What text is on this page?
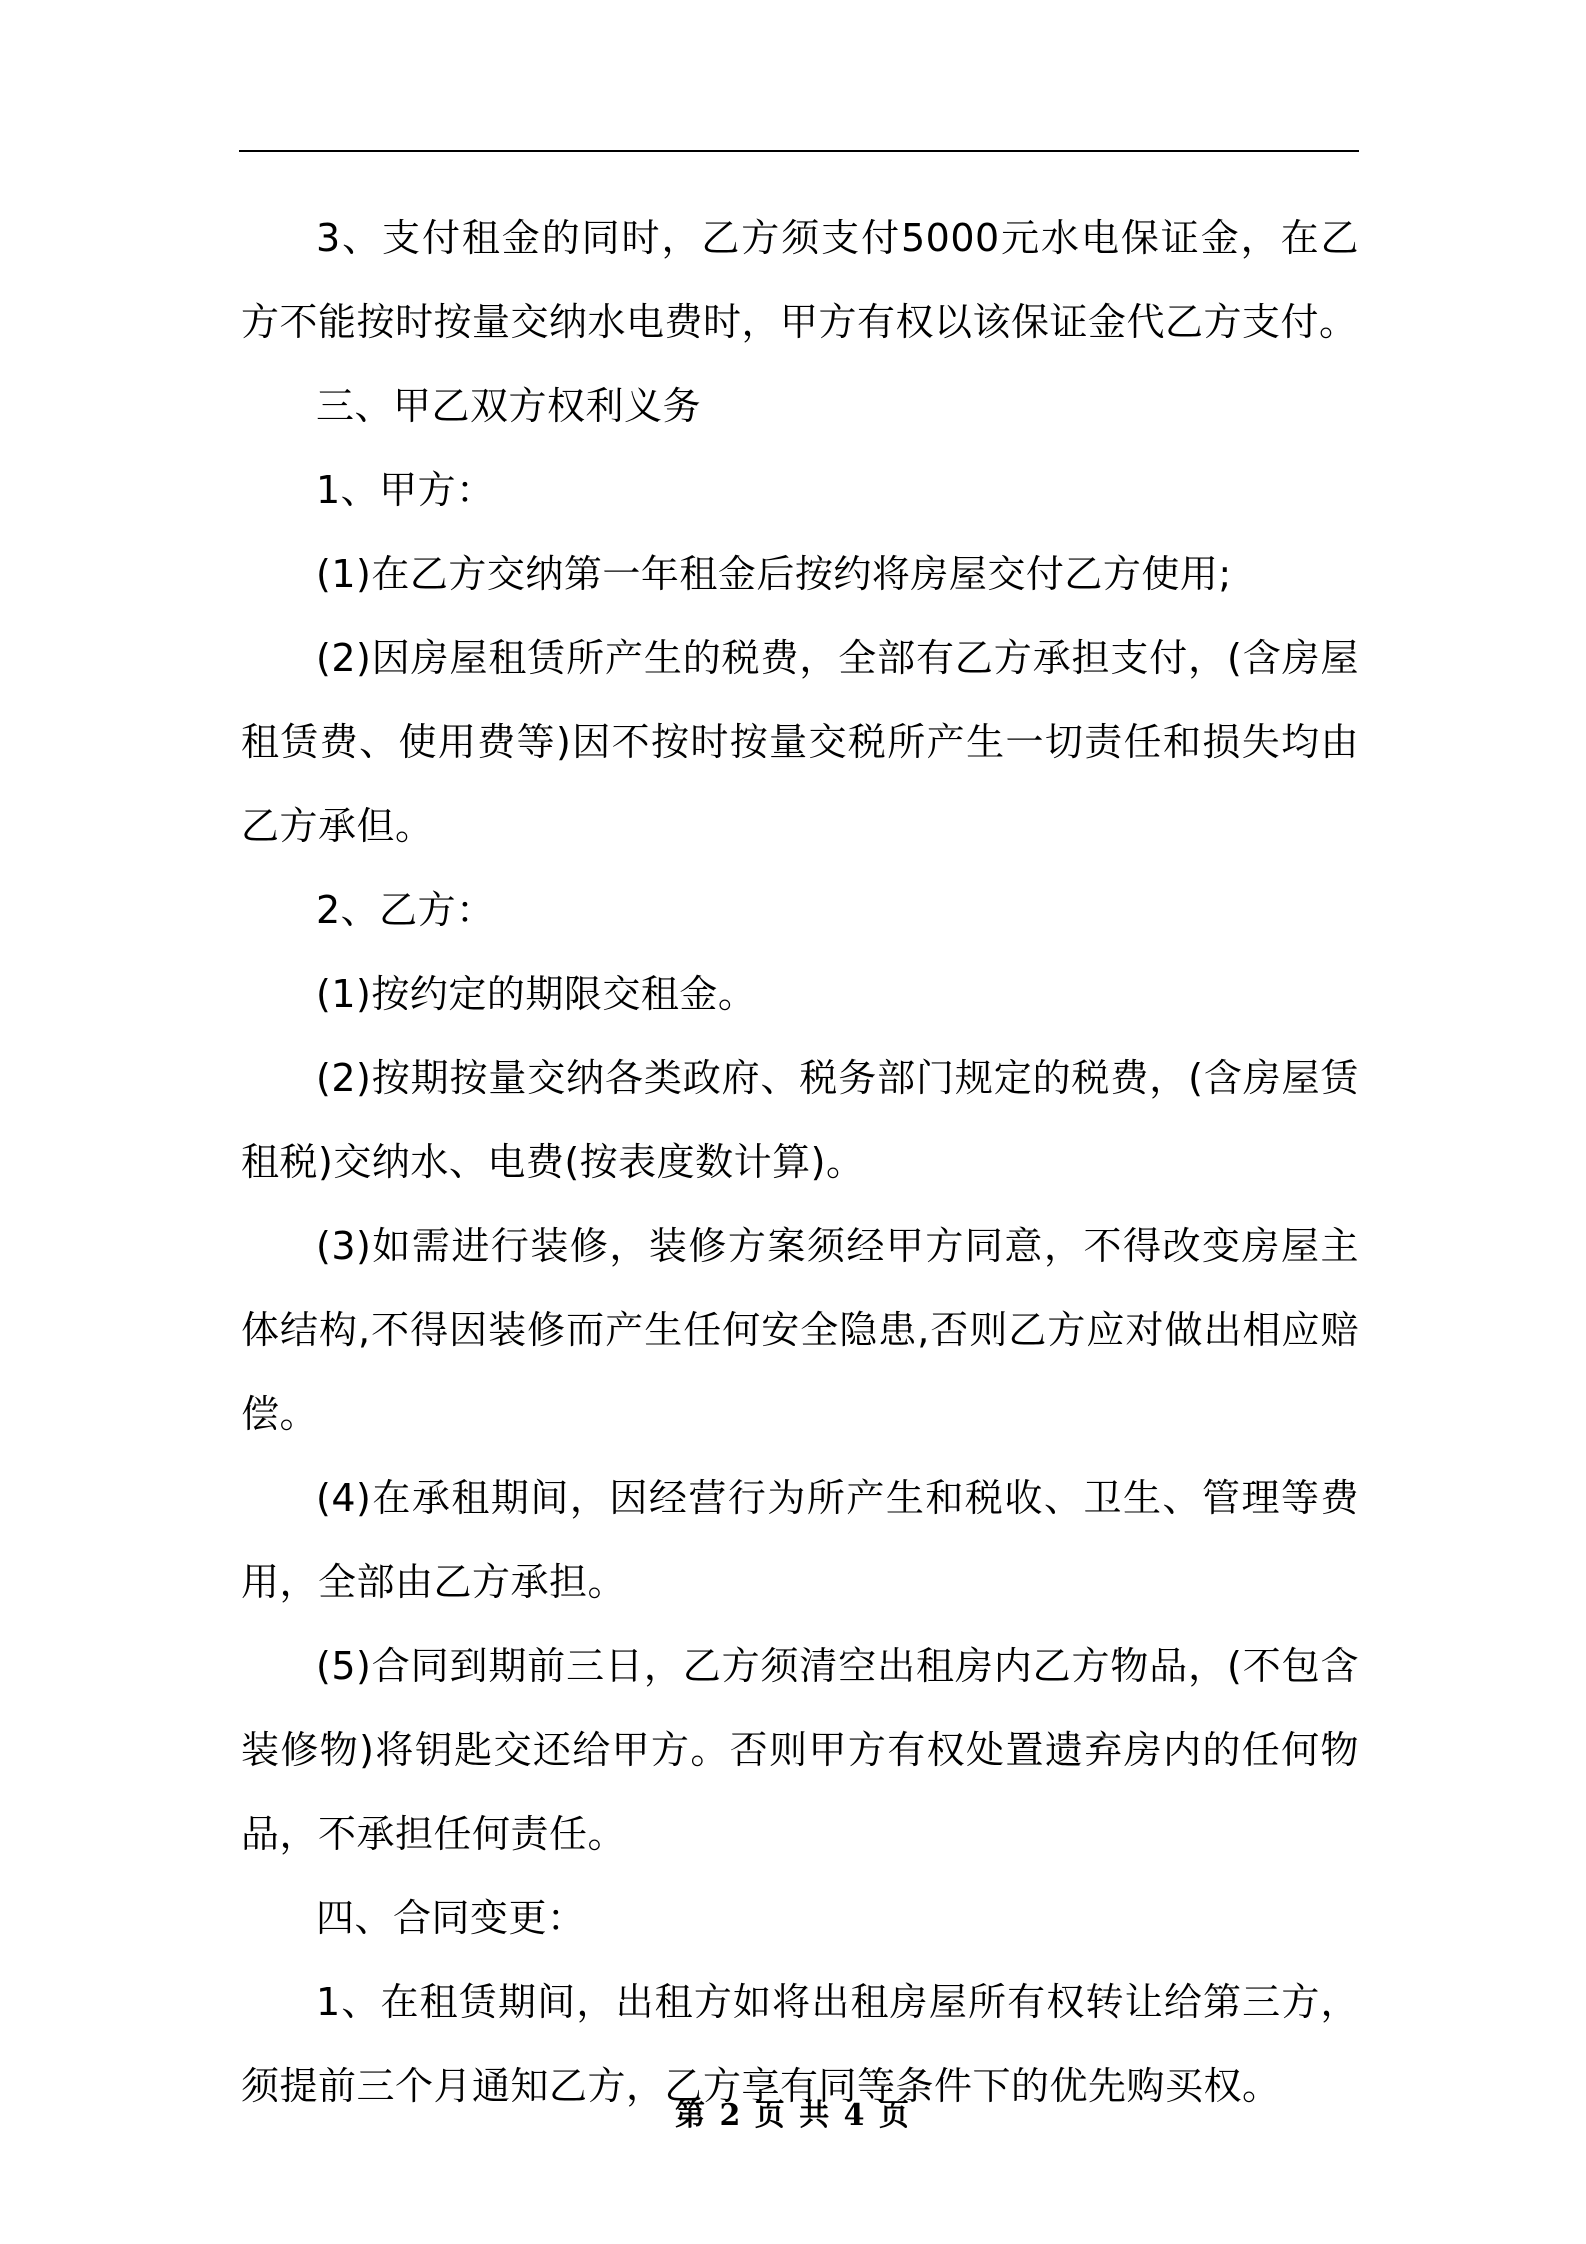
3、支付租金的同时，乙方须支付5000元水电保证金，在乙方不能按时按量交纳水电费时，甲方有权以该保证金代乙方支付。

三、甲乙双方权利义务

1、甲方：

(1)在乙方交纳第一年租金后按约将房屋交付乙方使用;

(2)因房屋租赁所产生的税费，全部有乙方承担支付，(含房屋租赁费、使用费等)因不按时按量交税所产生一切责任和损失均由乙方承但。

2、乙方：

(1)按约定的期限交租金。

(2)按期按量交纳各类政府、税务部门规定的税费，(含房屋赁租税)交纳水、电费(按表度数计算)。

(3)如需进行装修，装修方案须经甲方同意，不得改变房屋主体结构,不得因装修而产生任何安全隐患,否则乙方应对做出相应赔偿。

(4)在承租期间，因经营行为所产生和税收、卫生、管理等费用，全部由乙方承担。

(5)合同到期前三日，乙方须清空出租房内乙方物品，(不包含装修物)将钥匙交还给甲方。否则甲方有权处置遗弃房内的任何物品，不承担任何责任。

四、合同变更：

1、在租赁期间，出租方如将出租房屋所有权转让给第三方，须提前三个月通知乙方，乙方享有同等条件下的优先购买权。

第 2 页 共 4 页
